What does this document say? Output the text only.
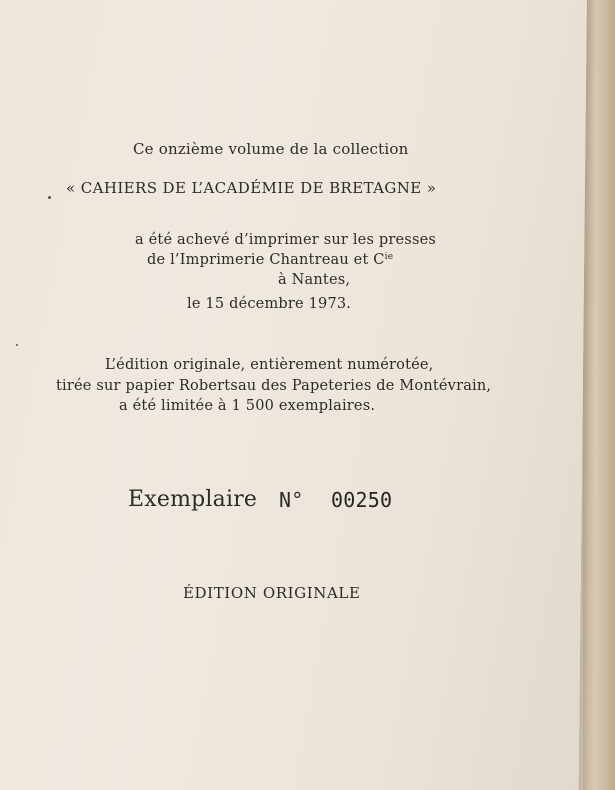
Ce onzième volume de la collection
« CAHIERS DE L’ACADÉMIE DE BRETAGNE »
a été achevé d’imprimer sur les presses
de l’Imprimerie Chantreau et $C^{ie}$
à Nantes,
le 15 décembre 1973.
L’édition originale, entièrement numérotée,
tirée sur papier Robertsau des Papeteries de Montévrain,
a été limitée à 1 500 exemplaires.
Exemplaire N° 00250
ÉDITION ORIGINALE
